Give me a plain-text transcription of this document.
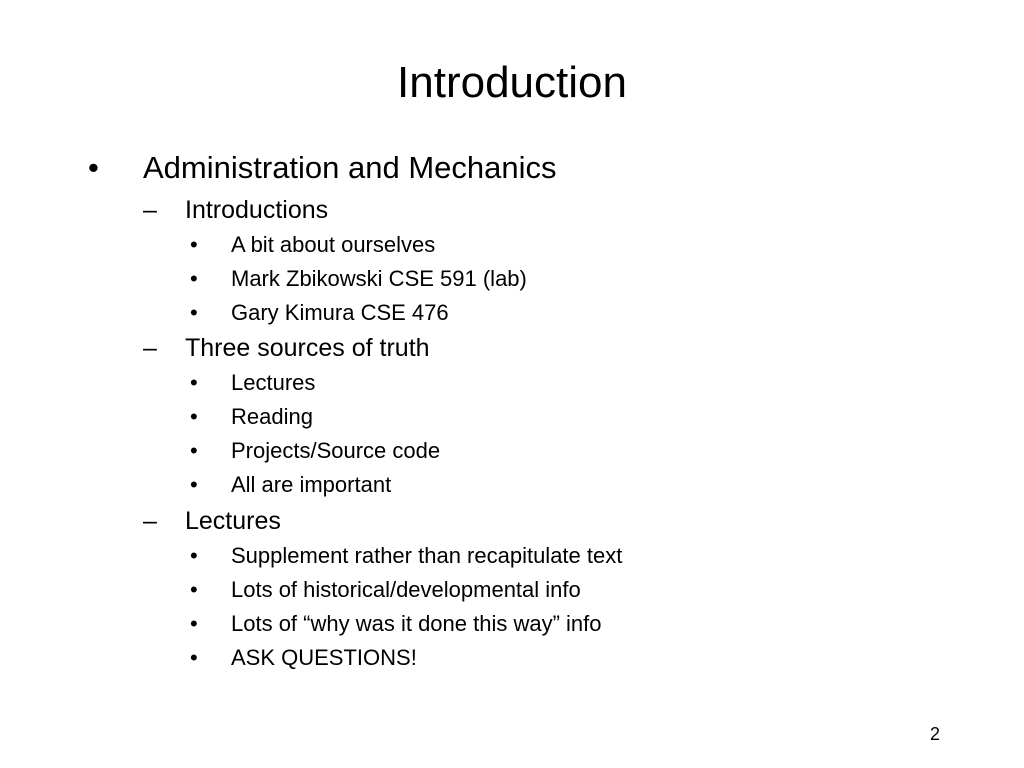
Introduction
• Administration and Mechanics
– Introductions
• A bit about ourselves
• Mark Zbikowski CSE 591 (lab)
• Gary Kimura CSE 476
– Three sources of truth
• Lectures
• Reading
• Projects/Source code
• All are important
– Lectures
• Supplement rather than recapitulate text
• Lots of historical/developmental info
• Lots of “why was it done this way” info
• ASK QUESTIONS!
2
